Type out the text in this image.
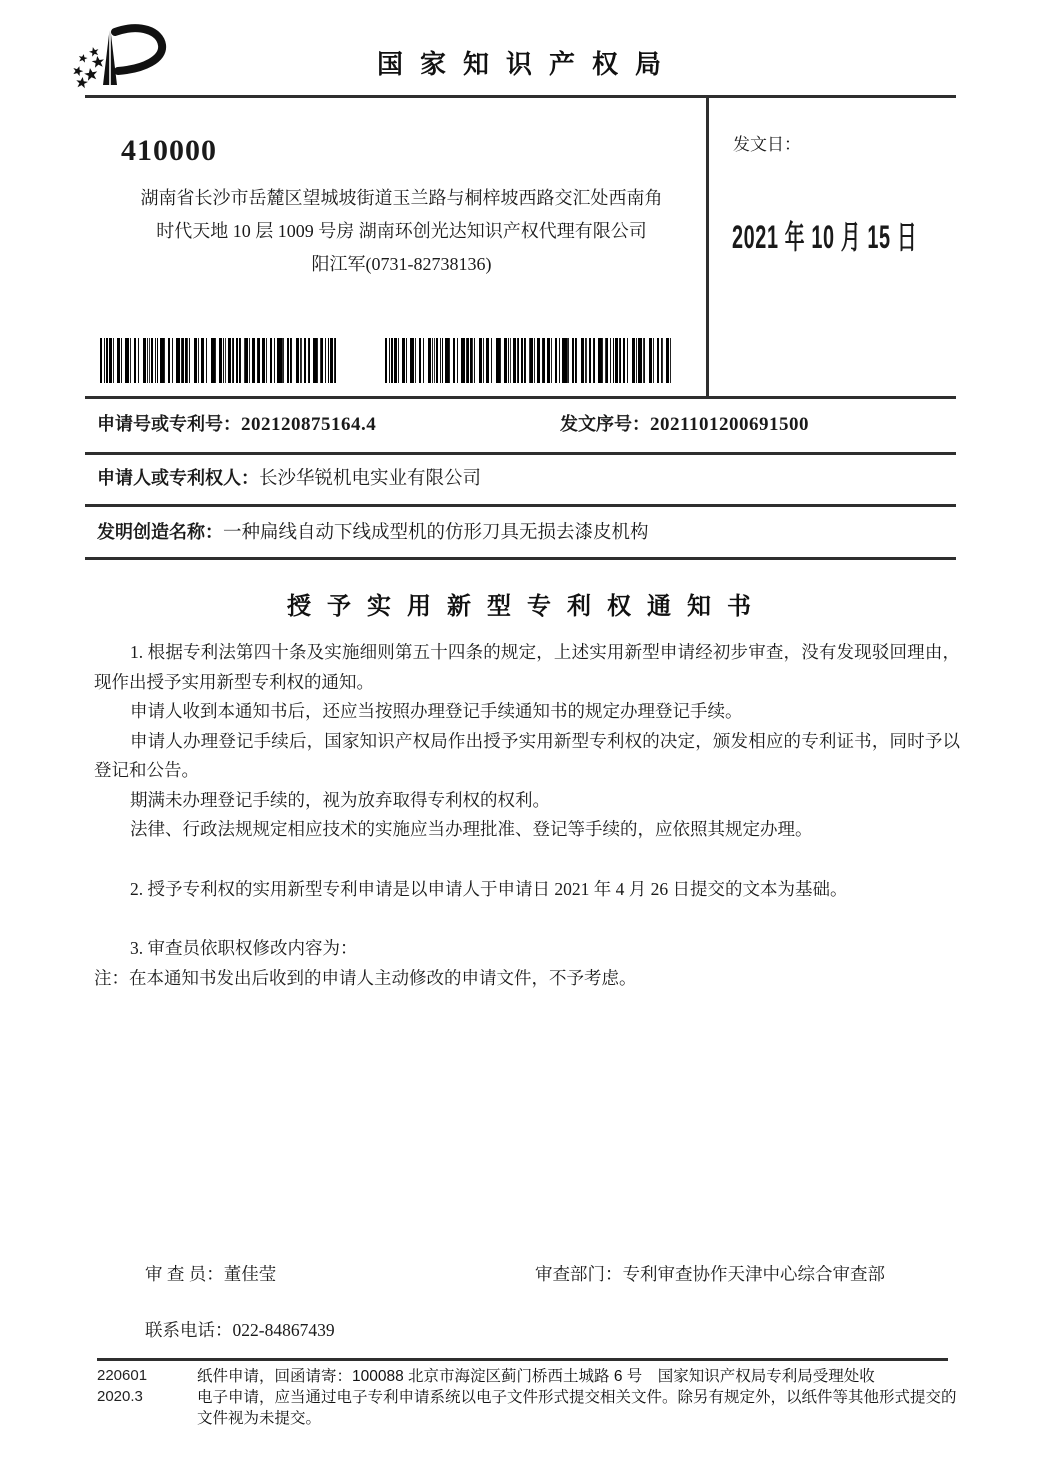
国家知识产权局
410000
湖南省长沙市岳麓区望城坡街道玉兰路与桐梓坡西路交汇处西南角
时代天地 10 层 1009 号房 湖南环创光达知识产权代理有限公司
阳江军(0731-82738136)
发文日：
2021 年 10 月 15 日
申请号或专利号：202120875164.4	发文序号：2021101200691500
申请人或专利权人：长沙华锐机电实业有限公司
发明创造名称：一种扁线自动下线成型机的仿形刀具无损去漆皮机构
授予实用新型专利权通知书

1. 根据专利法第四十条及实施细则第五十四条的规定，上述实用新型申请经初步审查，没有发现驳回理由，现作出授予实用新型专利权的通知。

申请人收到本通知书后，还应当按照办理登记手续通知书的规定办理登记手续。

申请人办理登记手续后，国家知识产权局作出授予实用新型专利权的决定，颁发相应的专利证书，同时予以登记和公告。

期满未办理登记手续的，视为放弃取得专利权的权利。

法律、行政法规规定相应技术的实施应当办理批准、登记等手续的，应依照其规定办理。

2. 授予专利权的实用新型专利申请是以申请人于申请日 2021 年 4 月 26 日提交的文本为基础。

3. 审查员依职权修改内容为：

注：在本通知书发出后收到的申请人主动修改的申请文件，不予考虑。

审 查 员：董佳莹	审查部门：专利审查协作天津中心综合审查部
联系电话：022-84867439
220601
2020.3
纸件申请，回函请寄：100088 北京市海淀区蓟门桥西土城路 6 号　国家知识产权局专利局受理处收
电子申请，应当通过电子专利申请系统以电子文件形式提交相关文件。除另有规定外，以纸件等其他形式提交的文件视为未提交。
